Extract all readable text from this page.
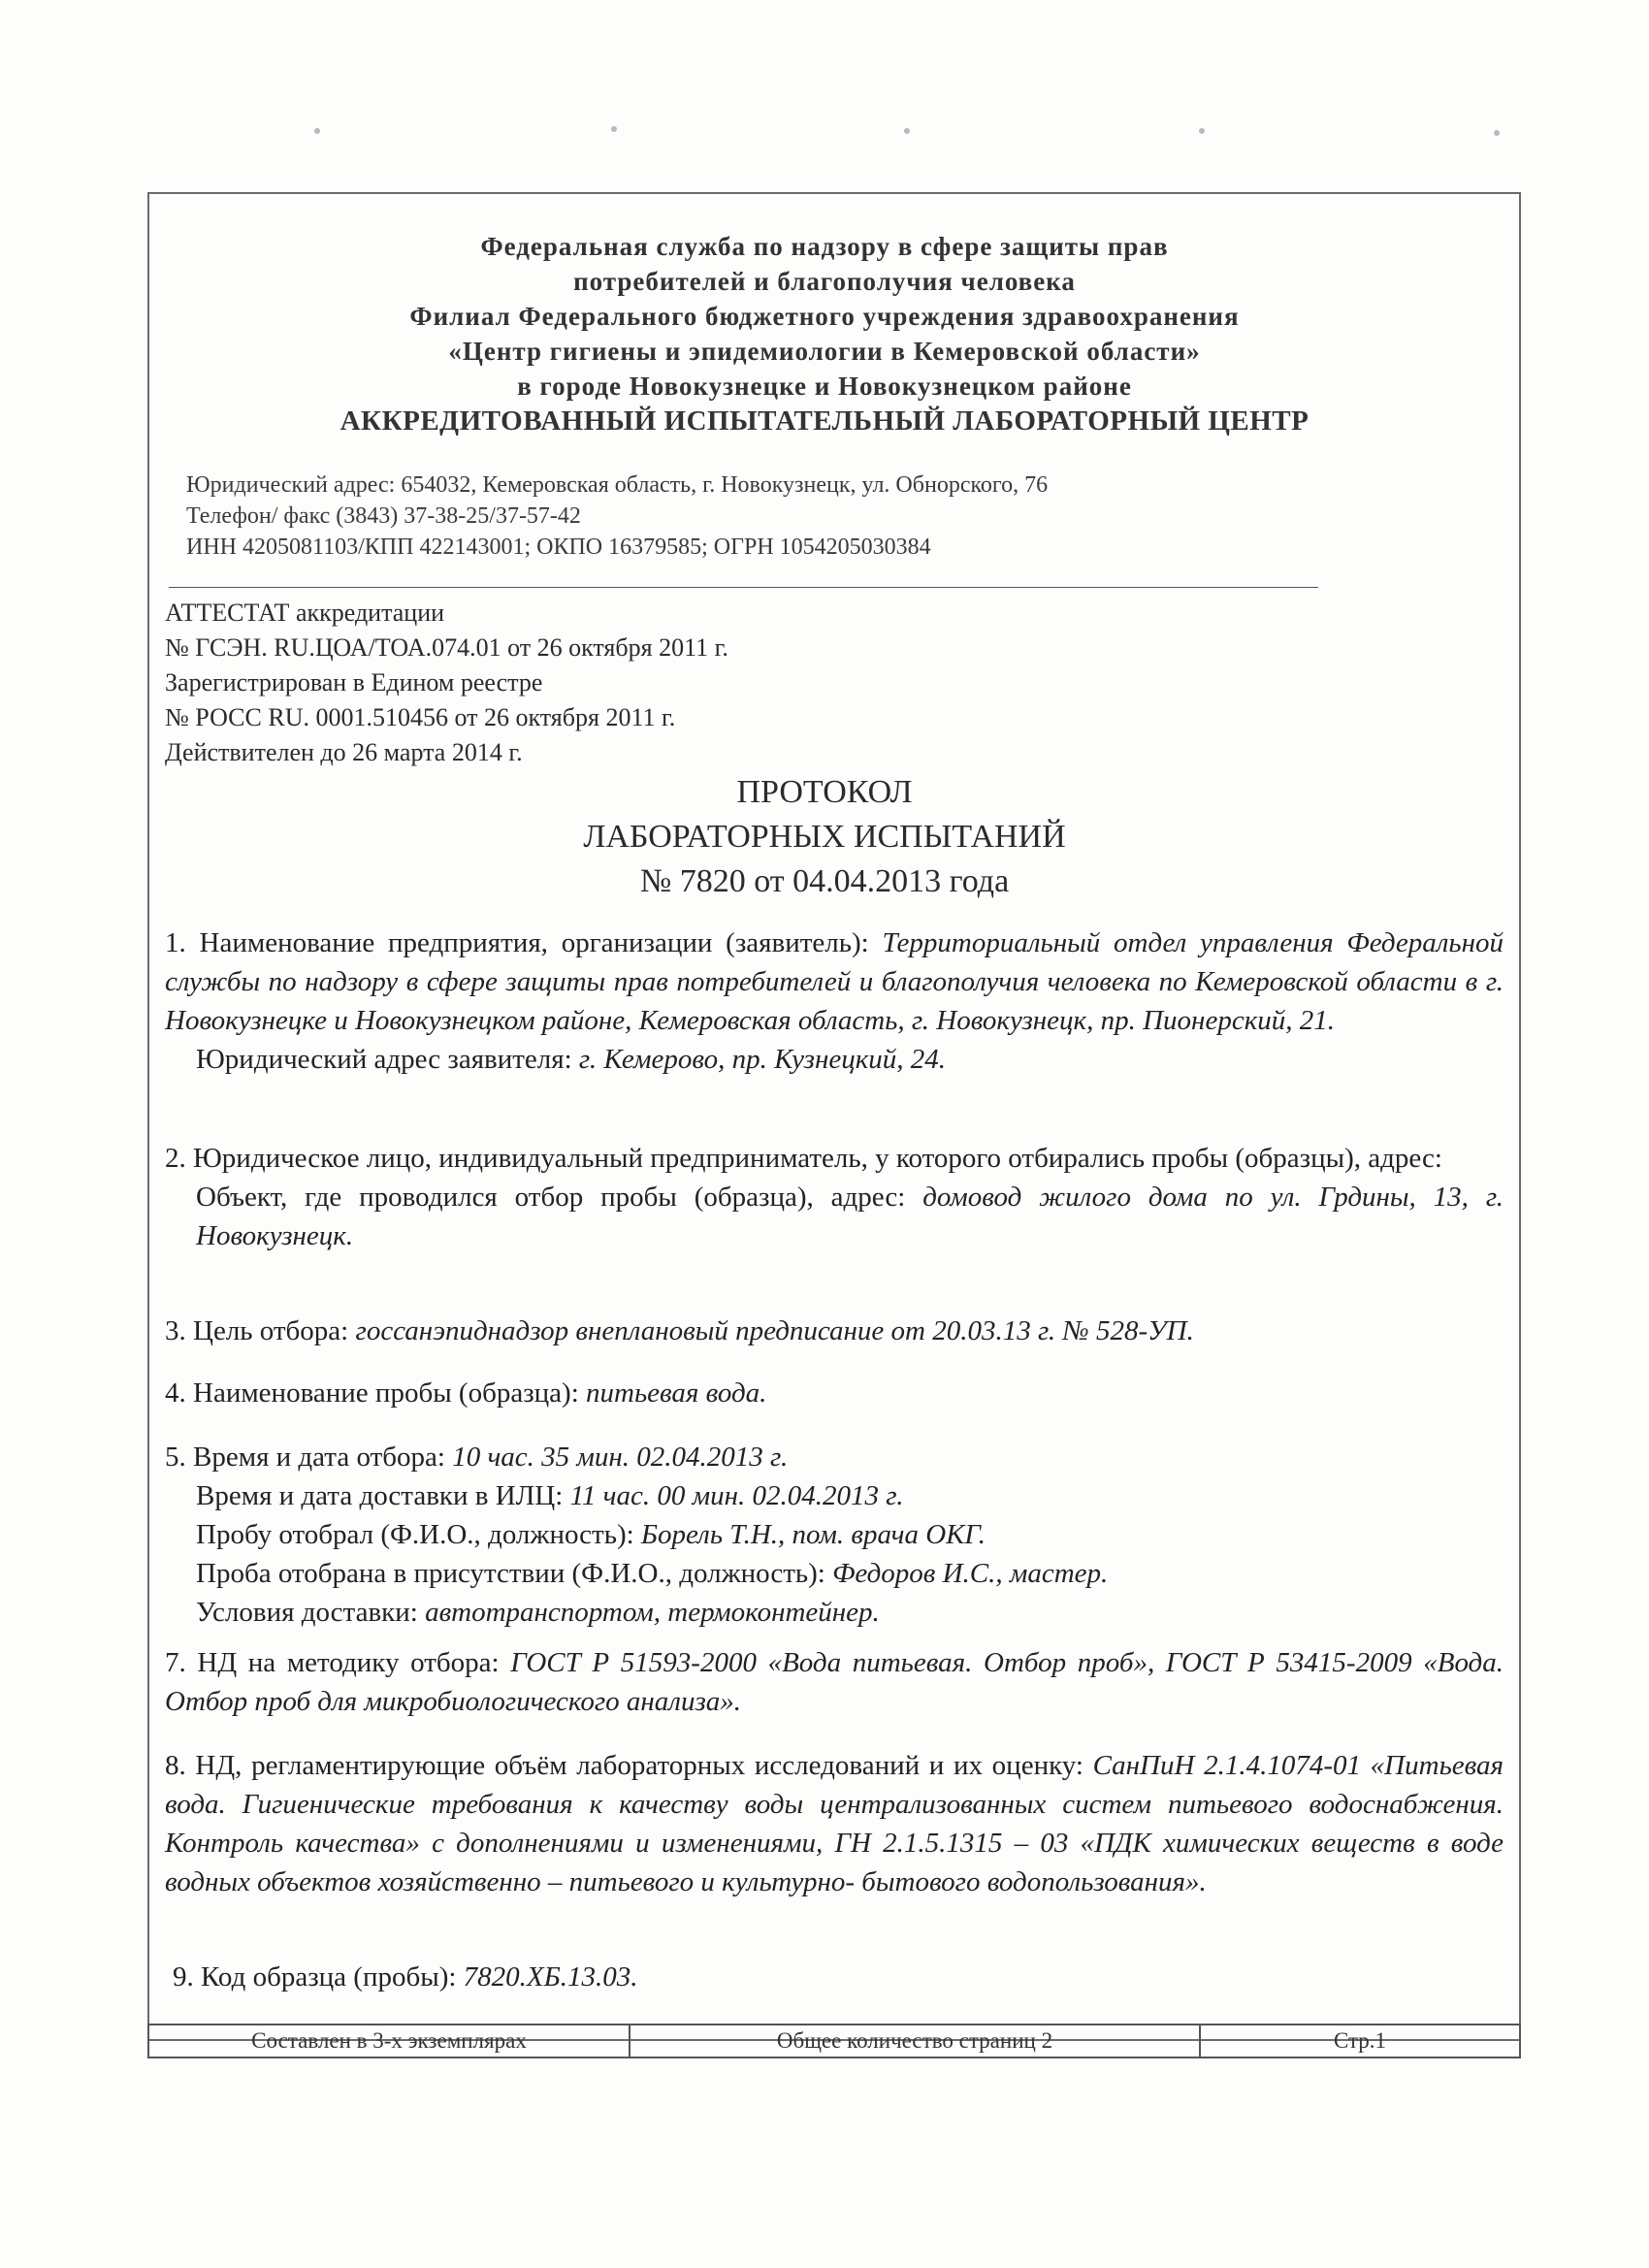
Федеральная служба по надзору в сфере защиты прав
потребителей и благополучия человека
Филиал Федерального бюджетного учреждения здравоохранения
«Центр гигиены и эпидемиологии в Кемеровской области»
в городе Новокузнецке и Новокузнецком районе
АККРЕДИТОВАННЫЙ ИСПЫТАТЕЛЬНЫЙ ЛАБОРАТОРНЫЙ ЦЕНТР
Юридический адрес: 654032, Кемеровская область, г. Новокузнецк, ул. Обнорского, 76
Телефон/ факс (3843) 37-38-25/37-57-42
ИНН 4205081103/КПП 422143001; ОКПО 16379585; ОГРН 1054205030384
АТТЕСТАТ аккредитации
№ ГСЭН. RU.ЦОА/ТОА.074.01 от 26 октября 2011 г.
Зарегистрирован в Едином реестре
№ РОСС RU. 0001.510456 от 26 октября 2011 г.
Действителен до 26 марта 2014 г.
ПРОТОКОЛ
ЛАБОРАТОРНЫХ ИСПЫТАНИЙ
№ 7820 от 04.04.2013 года

1. Наименование предприятия, организации (заявитель): Территориальный отдел управления Федеральной службы по надзору в сфере защиты прав потребителей и благополучия человека по Кемеровской области в г. Новокузнецке и Новокузнецком районе, Кемеровская область, г. Новокузнецк, пр. Пионерский, 21.

Юридический адрес заявителя: г. Кемерово, пр. Кузнецкий, 24.

2. Юридическое лицо, индивидуальный предприниматель, у которого отбирались пробы (образцы), адрес:

Объект, где проводился отбор пробы (образца), адрес: домовод жилого дома по ул. Грдины, 13, г. Новокузнецк.

3. Цель отбора: госсанэпиднадзор внеплановый предписание от 20.03.13 г. № 528-УП.

4. Наименование пробы (образца): питьевая вода.

5. Время и дата отбора: 10 час. 35 мин. 02.04.2013 г.

Время и дата доставки в ИЛЦ: 11 час. 00 мин. 02.04.2013 г.

Пробу отобрал (Ф.И.О., должность): Борель Т.Н., пом. врача ОКГ.

Проба отобрана в присутствии (Ф.И.О., должность): Федоров И.С., мастер.

Условия доставки: автотранспортом, термоконтейнер.

7. НД на методику отбора: ГОСТ Р 51593-2000 «Вода питьевая. Отбор проб», ГОСТ Р 53415-2009 «Вода. Отбор проб для микробиологического анализа».

8. НД, регламентирующие объём лабораторных исследований и их оценку: СанПиН 2.1.4.1074-01 «Питьевая вода. Гигиенические требования к качеству воды централизованных систем питьевого водоснабжения. Контроль качества» с дополнениями и изменениями, ГН 2.1.5.1315 – 03 «ПДК химических веществ в воде водных объектов хозяйственно – питьевого и культурно- бытового водопользования».

9. Код образца (пробы): 7820.ХБ.13.03.

Составлен в 3-х экземплярах	Общее количество страниц 2	Стр.1
